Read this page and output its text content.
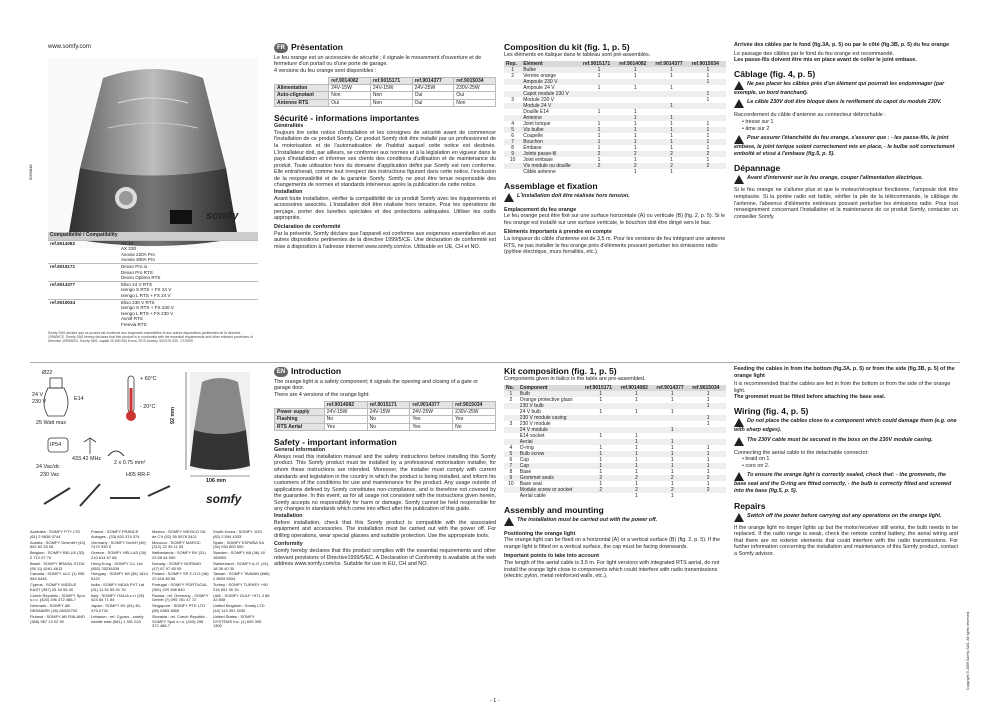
www.somfy.com
5056848
somfy
Compatibilité / Compatibility	
ref.9014082	AX 24
AX 230
Axovia 220A Pro
Axovia 300A Pro

ref.9015171	Dexxo Pro io
Dexxo Pro RTS
Dexxo Optimo RTS

ref.9014377	Elixo 24 V RTS
Ixengo S RTS + FX 24 V
Ixengo L RTS + FX 24 V

ref.9015034	Elixo 230 V RTS
Ixengo S RTS + FX 230 V
Ixengo L RTS + FX 230 V
Axroll RTS
Freevia RTS
Somfy SAS déclare que ce produit est conforme aux exigences essentielles et aux autres dispositions pertinentes de la directive 1999/5/CE. Somfy SAS hereby declares that this product is in conformity with the essential requirements and other relevant provisions of Directive 1999/5/EC. Somfy SAS, capital 20.000.000 Euros, RCS Annecy 303.970.230 - 07/2009
Ø22
24 V
230 V	E14
25 Watt max
+ 60°C
- 20°C
IP54
433.42 MHz
24 Vac/dc
230 Vac
2 x 0.75 mm²
H05 RR-F
92 mm
106 mm
somfy
Australia : SOMFY PTY LTD (61) 2 9638 0744
Austria : SOMFY GesmbH (43) 662 62 53 08
Belgium : SOMFY BELUX (32) 2 712 07 70
Brasil : SOMFY BRASIL STDA (55 11) 6161 6613
Canada : SOMFY ULC (1) 905 564 6446
Cyprus : SOMFY MIDDLE EAST (357) 25 34 55 40
Czech Republic : SOMFY Spol s.r.o. (420) 296 372 486-7
Denmark : SOMFY AB DENMARK (45) 65325793
Finland : SOMFY AB FINLAND (358) 957 13 02 30
France : SOMFY FRANCE Autoges : (33) 820 374 374
Germany : SOMFY GmbH (49) 7472 930 0
Greece : SOMFY HELLAS (30) 210 614 67 68
Hong Kong : SOMFY Co. Ltd (852) 25236339
Hungary : SOMFY Kft (36) 1814 5120
India : SOMFY INDIA PVT Ltd (91) 11 51 65 91 76
Italy : SOMFY ITALIA s.r.l (39) 024 84 71 84
Japan : SOMFY KK (81) 45-475-0732
Lebanon : rel. Cyprus - somfy middle east (961) 1 391 224
Mexico : SOMFY MEXICO SA de CV (52) 55 5576 3421
Morocco : SOMFY MAROC (212) 22 95 11 53
Netherlands : SOMFY BV (31) 23 55 44 900
Norway : SOMFY NORWAY (47) 67 97 85 05
Poland : SOMFY SP Z.O.O (48) 22 618 80 56
Portugal : SOMFY PORTUGAL (351) 229 396 840
Russia : rel. Germany - SOMFY GmbH (7) 095 781 47 72
Singapore : SOMFY PTE LTD (65) 6383 3855
Slovakia : rel. Czech Republic - SOMFY Spol s r.o. (420) 296 372 486-7
South Korea : SOMFY JOO (82) 2 594 4333
Spain : SOMFY ESPAÑA SA (34) 934 800 900
Sweden : SOMFY AB (46) 40 165900
Switzerland : SOMFY A.G. (41) 18 38 40 30
Taiwan : SOMFY TAIWAN (886) 2 8509 8934
Turkey : SOMFY TURKEY +90 216 651 30 15
UAE : SOMFY GULF +971 4 88 32 808
United Kingdom : Somfy LTD (44) 113 391 3030
United States : SOMFY SYSTEMS Inc. (1) 609 395 1300
FR Présentation
Le feu orange est un accessoire de sécurité ; il signale le mouvement d'ouverture et de fermeture d'un portail ou d'une porte de garage.
4 versions du feu orange sont disponibles :
	ref.9014082	ref.9015171	ref.9014377	ref.9015034
Alimentation	24V-15W	24V-15W	24V-25W	230V-25W
Auto-clignotant	Non	Non	Oui	Oui
Antenne RTS	Oui	Non	Oui	Non
Sécurité - informations importantes
Généralités
Toujours lire cette notice d'installation et les consignes de sécurité avant de commencer l'installation de ce produit Somfy. Ce produit Somfy doit être installé par un professionnel de la motorisation et de l'automatisation de l'habitat auquel cette notice est destinée. L'installateur doit, par ailleurs, se conformer aux normes et à la législation en vigueur dans le pays d'installation et informer ses clients des conditions d'utilisation et de maintenance du produit. Toute utilisation hors du domaine d'application défini par Somfy est non conforme. Elle entraînerait, comme tout irrespect des instructions figurant dans cette notice, l'exclusion de la responsabilité et de la garantie Somfy. Somfy ne peut être tenue responsable des changements de normes et standards intervenus après la publication de cette notice.
Installation
Avant toute installation, vérifier la compatibilité de ce produit Somfy avec les équipements et accessoires associés. L'installation doit être réalisée hors tension. Pour les opérations de perçage, porter des lunettes spéciales et des protections adéquates. Utiliser les outils appropriés.
Déclaration de conformité
Par la présente, Somfy déclare que l'appareil est conforme aux exigences essentielles et aux autres dispositions pertinentes de la directive 1999/5/CE. Une déclaration de conformité est mise à disposition à l'adresse internet www.somfy.com/ce. Utilisable en UE, CH et NO.
Composition du kit (fig. 1, p. 5)
Les éléments en italique dans le tableau sont pré-assemblés.
Rep.	Elément	ref.9015171	ref.9014082	ref.9014377	ref.9015034
1	Bulbe	1	1	1	1
2	Verrine orange	1	1	1	1
	Ampoule 230 V				1
	Ampoule 24 V	1	1	1	
	Capot module 230 V				1
3	Module 230 V				1
	Module 24 V			1	
	Douille E14	1	1		
	Antenne		1	1	
4	Joint torique	1	1	1	1
5	Vis bulbe	1	1	1	1
6	Coupelle	1	1	1	1
7	Bouchon	1	1	1	1
8	Embase	1	1	1	1
9	Joints passe-fil	2	2	2	2
10	Joint embase	1	1	1	1
	Vis module ou douille	2	2	2	2
	Câble antenne		1	1	
Assemblage et fixation
L'installation doit être réalisée hors tension.
Emplacement du feu orange
Le feu orange peut être fixé sur une surface horizontale (A) ou verticale (B) (fig. 2, p. 5). Si le feu orange est installé sur une surface verticale, le bouchon doit être dirigé vers le bas.
Eléments importants à prendre en compte
La longueur du câble d'antenne est de 3,5 m. Pour les versions de feu intégrant une antenne RTS, ne pas installer le feu orange près d'éléments pouvant perturber les émissions radio (pylône électrique, murs ferraillés, etc.).
Arrivée des câbles par le fond (fig.3A, p. 5) ou par le côté (fig.3B, p. 5) du feu orange
Le passage des câbles par le fond du feu orange est recommandé.
Les passe-fils doivent être mis en place avant de coller le joint embase.
Câblage (fig. 4, p. 5)
Ne pas placer les câbles près d'un élément qui pourrait les endommager (par exemple, un bord tranchant).
Le câble 230V doit être bloqué dans le renflement du capot du module 230V.
Raccordement du câble d'antenne au connecteur débrochable :
• tresse sur 1
• âme sur 2
Pour assurer l'étanchéité du feu orange, s'assurer que : - les passe-fils, le joint embase, le joint torique soient correctement mis en place, - le bulbe soit correctement emboîté et vissé à l'embase (fig.5, p. 5).
Dépannage
Avant d'intervenir sur le feu orange, couper l'alimentation électrique.
Si le feu orange ne s'allume plus et que le moteur/récepteur fonctionne, l'ampoule doit être remplacée. Si la portée radio est faible, vérifier la pile de la télécommande, le câblage de l'antenne, l'absence d'éléments extérieurs pouvant perturber les émissions radio. Pour tout renseignement concernant l'installation et la maintenance de ce produit Somfy, contacter un conseiller Somfy.
EN Introduction
The orange light is a safety component; it signals the opening and closing of a gate or garage door.
There are 4 versions of the orange light:
	ref.9014082	ref.9015171	ref.9014377	ref.9015034
Power supply	24V-15W	24V-15W	24V-25W	230V-25W
Flashing	No	No	Yes	Yes
RTS Aerial	Yes	No	Yes	No
Safety - important information
General information
Always read this installation manual and the safety instructions before installing this Somfy product. This Somfy product must be installed by a professional motorisation installer, for whom these instructions are intended. Moreover, the installer must comply with current standards and legislation in the country in which the product is being installed, and inform his customers of the conditions for use and maintenance for the product. Any usage outside of applications defined by Somfy constitutes non-compliance, and is therefore not covered by the guarantee. In this event, as for all usage not consistent with the instructions given herein, Somfy accepts no responsibility for harm or damage. Somfy cannot be held responsible for any changes in standards which come into effect after the publication of this guide.
Installation
Before installation, check that this Somfy product is compatible with the associated equipment and accessories. The installation must be carried out with the power off. For drilling operations, wear special glasses and suitable protection. Use the appropriate tools.
Conformity
Somfy hereby declares that this product complies with the essential requirements and other relevant provisions of Directive1999/5/EC. A Declaration of Conformity is available at the web address www.somfy.com/ce. Suitable for use in EU, CH and NO.
Kit composition (fig. 1, p. 5)
Components given in italics in the table are pre-assembled.
No.	Component	ref.9015171	ref.9014082	ref.9014377	ref.9015034
1	Bulb	1	1	1	1
2	Orange protective glass	1	1	1	1
	230 V bulb				1
	24 V bulb	1	1	1	
	230 V module casing				1
3	230 V module				1
	24 V module			1	
	E14 socket	1	1		
	Aerial		1	1	
4	O-ring	1	1	1	1
5	Bulb screw	1	1	1	1
6	Cup	1	1	1	1
7	Cap	1	1	1	1
8	Base	1	1	1	1
9	Grommet seals	2	2	2	2
10	Base seal	1	1	1	1
	Module screw or socket	2	2	2	2
	Aerial cable		1	1	
Assembly and mounting
The installation must be carried out with the power off.
Positioning the orange light
The orange light can be fixed on a horizontal (A) or a vertical surface (B) (fig. 2, p. 5). If the orange light is fitted on a vertical surface, the cap must be facing downwards.
Important points to take into account
The length of the aerial cable is 3.5 m. For light versions with integrated RTS aerial, do not install the orange light close to components which could interfere with radio transmissions (electric pylon, metal reinforced walls, etc.).
Feeding the cables in from the bottom (fig.3A, p. 5) or from the side (fig.3B, p. 5) of the orange light
It is recommended that the cables are fed in from the bottom or from the side of the orange light.
The grommet must be fitted before attaching the base seal.
Wiring (fig. 4, p. 5)
Do not place the cables close to a component which could damage them (e.g. one with sharp edges).
The 230V cable must be secured in the boss on the 230V module casing.
Connecting the aerial cable to the detachable connector:
• braid on 1
• core on 2.
To ensure the orange light is correctly sealed, check that: - the grommets, the base seal and the O-ring are fitted correctly, - the bulb is correctly fitted and screwed into the base (fig.5, p. 5).
Repairs
Switch off the power before carrying out any operations on the orange light.
If the orange light no longer lights up but the motor/receiver still works, the bulb needs to be replaced. If the radio range is weak, check the remote control battery, the aerial wiring and that there are no exterior elements that could interfere with the radio transmissions. For further information concerning the installation and maintenance of this Somfy product, contact a Somfy advisor.
- 1 -
Copyright © 2009 Somfy SAS. All rights reserved.
